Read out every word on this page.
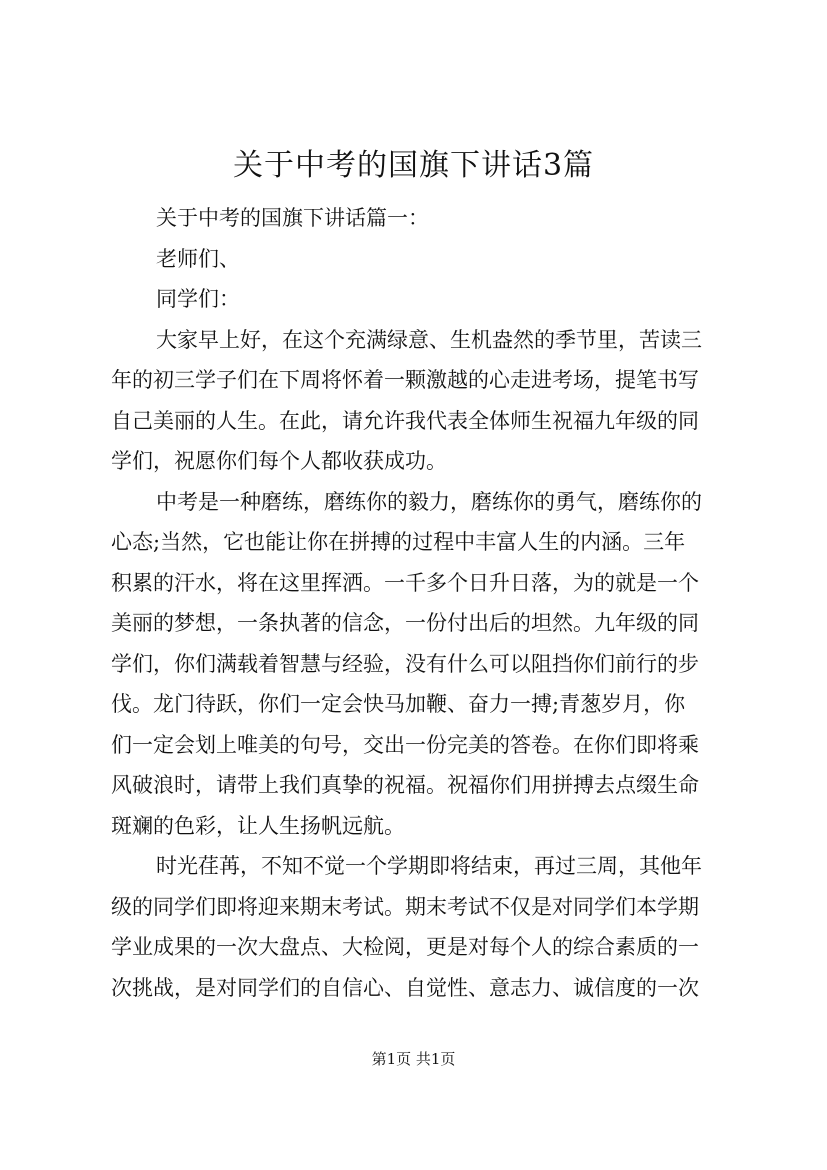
关于中考的国旗下讲话3篇

关于中考的国旗下讲话篇一：

老师们、

同学们：

大家早上好，在这个充满绿意、生机盎然的季节里，苦读三

年的初三学子们在下周将怀着一颗激越的心走进考场，提笔书写

自己美丽的人生。在此，请允许我代表全体师生祝福九年级的同

学们，祝愿你们每个人都收获成功。

中考是一种磨练，磨练你的毅力，磨练你的勇气，磨练你的

心态;当然，它也能让你在拼搏的过程中丰富人生的内涵。三年

积累的汗水，将在这里挥洒。一千多个日升日落，为的就是一个

美丽的梦想，一条执著的信念，一份付出后的坦然。九年级的同

学们，你们满载着智慧与经验，没有什么可以阻挡你们前行的步

伐。龙门待跃，你们一定会快马加鞭、奋力一搏;青葱岁月，你

们一定会划上唯美的句号，交出一份完美的答卷。在你们即将乘

风破浪时，请带上我们真挚的祝福。祝福你们用拼搏去点缀生命

斑斓的色彩，让人生扬帆远航。

时光荏苒，不知不觉一个学期即将结束，再过三周，其他年

级的同学们即将迎来期末考试。期末考试不仅是对同学们本学期

学业成果的一次大盘点、大检阅，更是对每个人的综合素质的一

次挑战，是对同学们的自信心、自觉性、意志力、诚信度的一次

第1页 共1页
